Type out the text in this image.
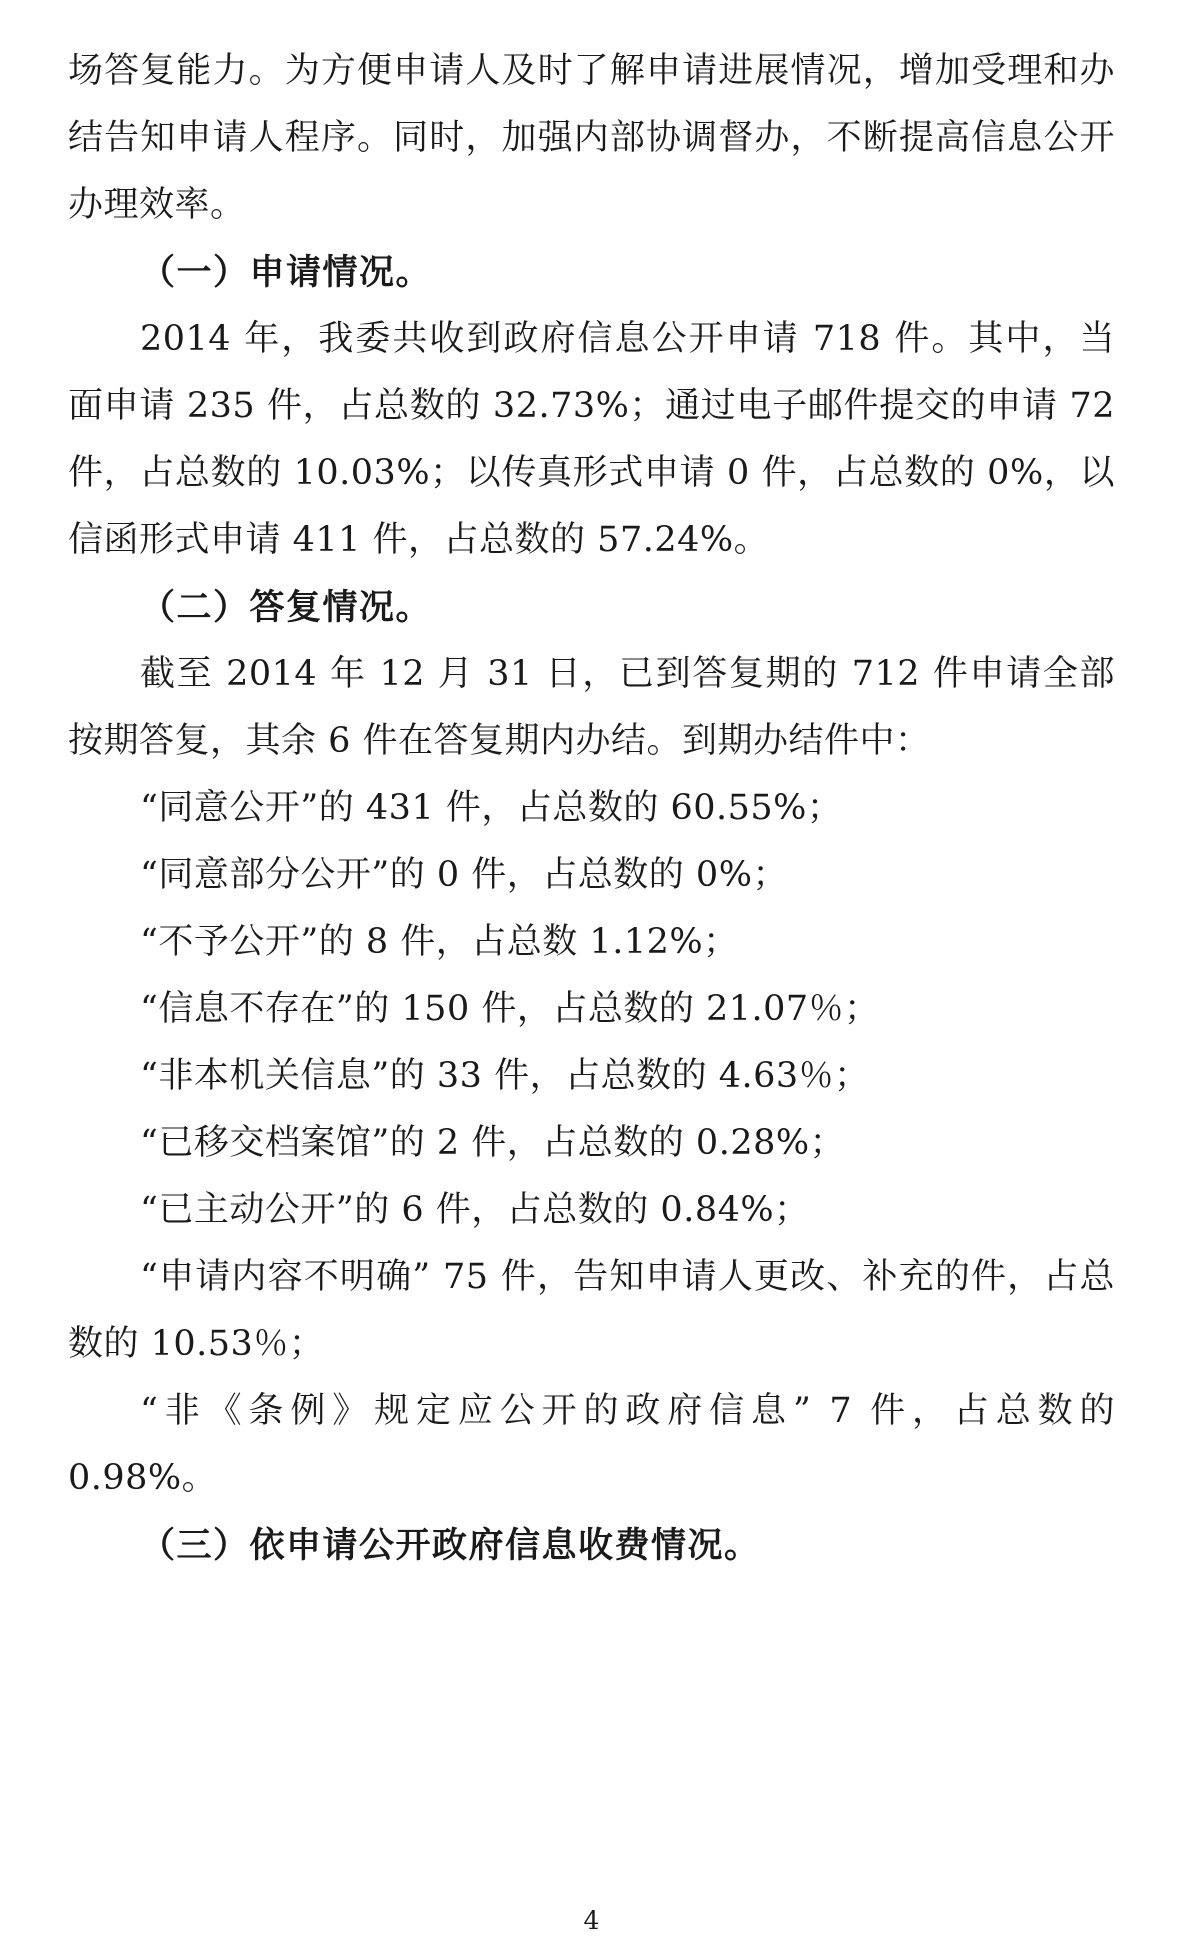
场答复能力。为方便申请人及时了解申请进展情况，增加受理和办结告知申请人程序。同时，加强内部协调督办，不断提高信息公开办理效率。

（一）申请情况。

2014 年，我委共收到政府信息公开申请 718 件。其中，当面申请 235 件，占总数的 32.73%；通过电子邮件提交的申请 72 件，占总数的 10.03%；以传真形式申请 0 件，占总数的 0%，以信函形式申请 411 件，占总数的 57.24%。

（二）答复情况。

截至 2014 年 12 月 31 日，已到答复期的 712 件申请全部按期答复，其余 6 件在答复期内办结。到期办结件中：

“同意公开”的 431 件，占总数的 60.55%；

“同意部分公开”的 0 件，占总数的 0%；

“不予公开”的 8 件，占总数 1.12%；

“信息不存在”的 150 件，占总数的 21.07％；

“非本机关信息”的 33 件，占总数的 4.63％；

“已移交档案馆”的 2 件，占总数的 0.28%；

“已主动公开”的 6 件，占总数的 0.84%；

“申请内容不明确” 75 件，告知申请人更改、补充的件，占总数的 10.53％；

“非《条例》规定应公开的政府信息” 7 件，占总数的 0.98%。

（三）依申请公开政府信息收费情况。

4
